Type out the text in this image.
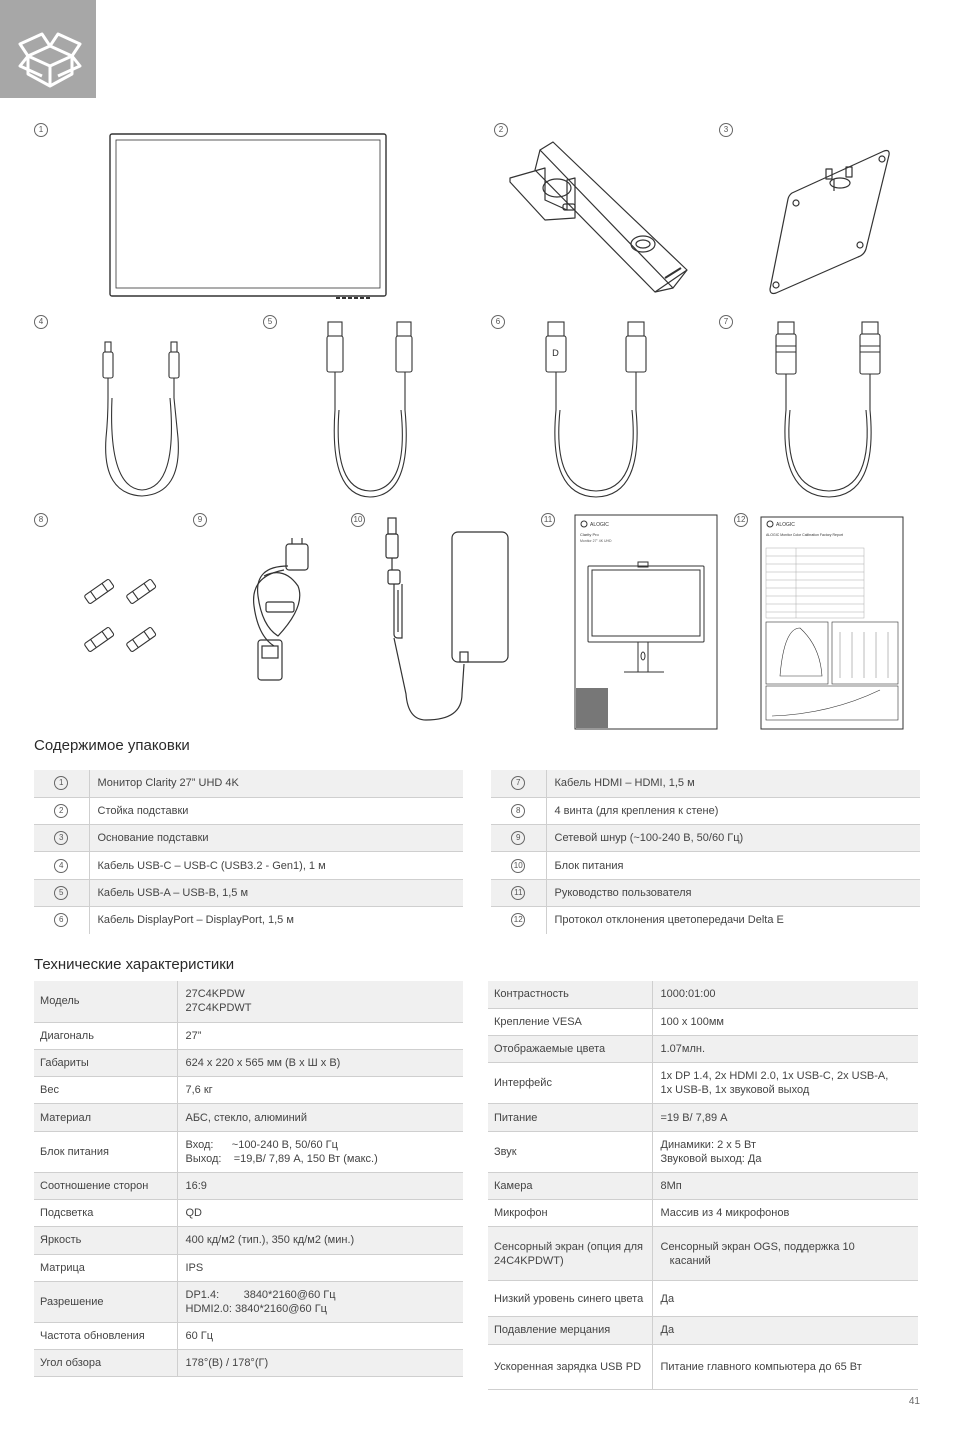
1	2	3
4	5	6	7
8	9	10	11	12
D
ALOGIC
Clarity Pro
Monitor 27" 4K UHD
ALOGIC
ALOGIC Monitor Color Calibration Factory Report
Содержимое упаковки
1	Монитор Clarity 27” UHD 4K
2	Стойка подставки
3	Основание подставки
4	Кабель USB-C – USB-C (USB3.2 - Gen1), 1 м
5	Кабель USB-A – USB-B, 1,5 м
6	Кабель DisplayPort – DisplayPort, 1,5 м
7	Кабель HDMI – HDMI, 1,5 м
8	4 винта (для крепления к стене)
9	Сетевой шнур (~100-240 В, 50/60 Гц)
10	Блок питания
11	Руководство пользователя
12	Протокол отклонения цветопередачи Delta E
Технические характеристики
Модель	27C4KPDW
27C4KPDWT

Диагональ	27”

Габариты	624 x 220 x 565 мм (В х Ш х В)

Вес	7,6 кг

Материал	АБС, стекло, алюминий

Блок питания	Вход:      ~100-240 В, 50/60 Гц
Выход:    =19,В/ 7,89 А, 150 Вт (макс.)

Соотношение сторон	16:9

Подсветка	QD

Яркость	400 кд/м2 (тип.), 350 кд/м2 (мин.)

Матрица	IPS

Разрешение	DP1.4:        3840*2160@60 Гц
HDMI2.0: 3840*2160@60 Гц

Частота обновления	60 Гц

Угол обзора	178°(В) / 178°(Г)
Контрастность	1000:01:00

Крепление VESA	100 x 100мм

Отображаемые цвета	1.07млн.

Интерфейс	1x DP 1.4, 2x HDMI 2.0, 1x USB-C, 2x USB-A,
1x USB-B, 1x звуковой выход

Питание	=19 В/ 7,89 А

Звук	Динамики: 2 x 5 Вт
Звуковой выход: Да

Камера	8Мп

Микрофон	Массив из 4 микрофонов

Сенсорный экран (опция для 24C4KPDWT)	Сенсорный экран OGS, поддержка 10
касаний

Низкий уровень синего цвета	Да

Подавление мерцания	Да

Ускоренная зарядка USB PD	Питание главного компьютера до 65 Вт
41
